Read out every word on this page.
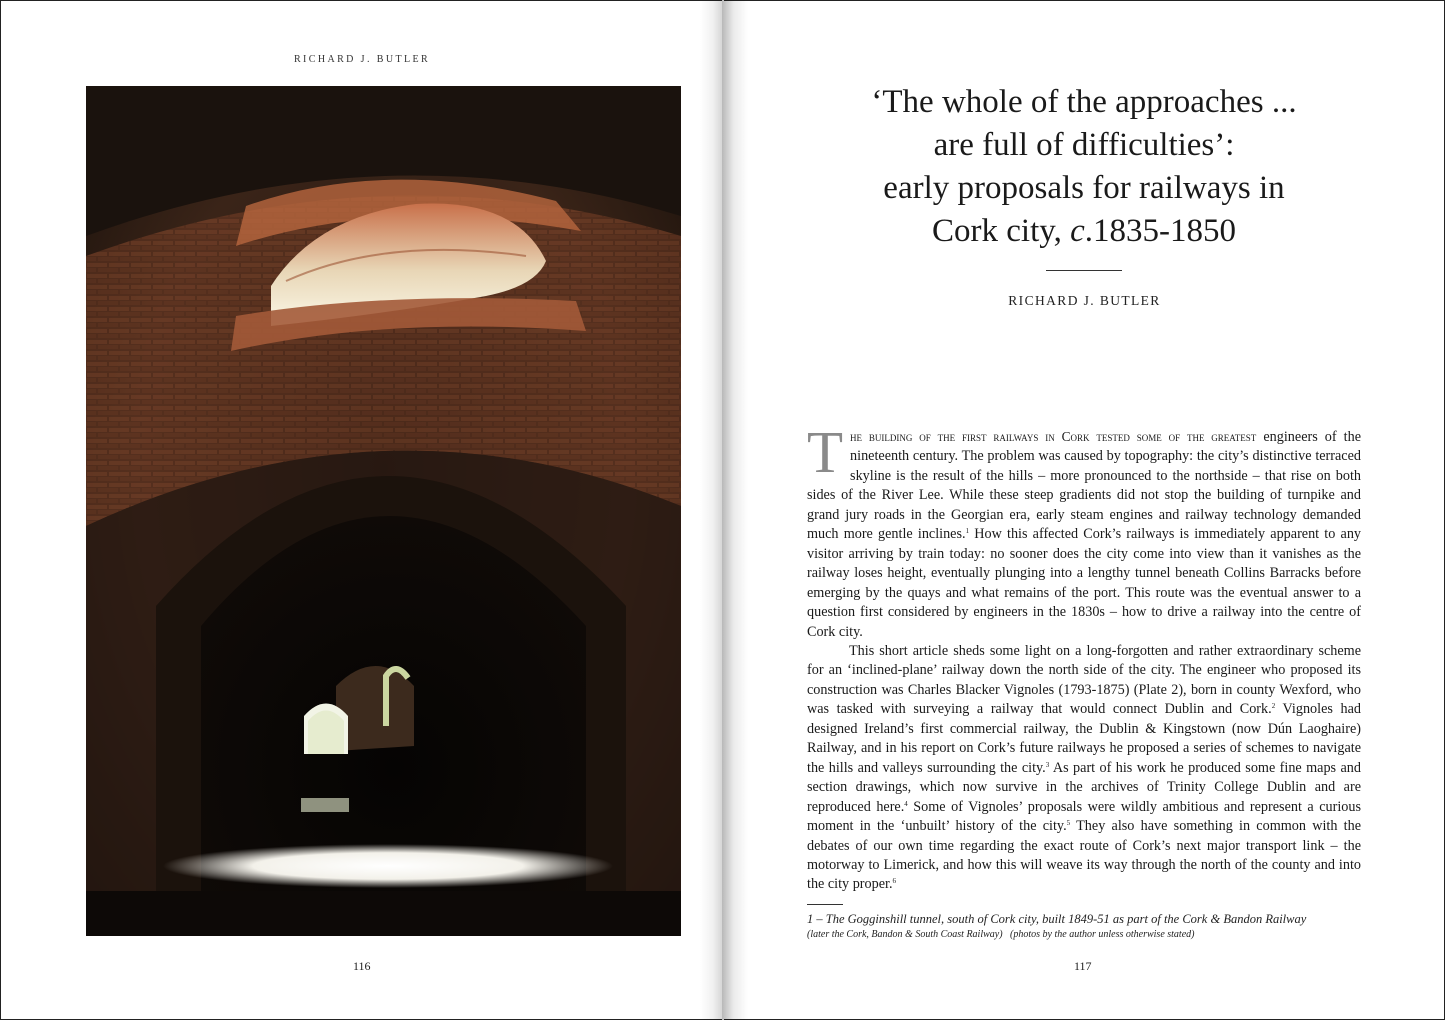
RICHARD J. BUTLER
116
‘The whole of the approaches ...
are full of difficulties’:
early proposals for railways in
Cork city, c.1835-1850
RICHARD J. BUTLER

The building of the first railways in Cork tested some of the greatest engineers of the nineteenth century. The problem was caused by topography: the city’s distinctive terraced skyline is the result of the hills – more pronounced to the northside – that rise on both sides of the River Lee. While these steep gradients did not stop the building of turnpike and grand jury roads in the Georgian era, early steam engines and railway technology demanded much more gentle inclines.$^1$ How this affected Cork’s railways is immediately apparent to any visitor arriving by train today: no sooner does the city come into view than it vanishes as the railway loses height, eventually plunging into a lengthy tunnel beneath Collins Barracks before emerging by the quays and what remains of the port. This route was the eventual answer to a question first considered by engineers in the 1830s – how to drive a railway into the centre of Cork city.

This short article sheds some light on a long-forgotten and rather extraordinary scheme for an ‘inclined-plane’ railway down the north side of the city. The engineer who proposed its construction was Charles Blacker Vignoles (1793-1875) (Plate 2), born in county Wexford, who was tasked with surveying a railway that would connect Dublin and Cork.$^2$ Vignoles had designed Ireland’s first commercial railway, the Dublin & Kingstown (now Dún Laoghaire) Railway, and in his report on Cork’s future railways he proposed a series of schemes to navigate the hills and valleys surrounding the city.$^3$ As part of his work he produced some fine maps and section drawings, which now survive in the archives of Trinity College Dublin and are reproduced here.$^4$ Some of Vignoles’ proposals were wildly ambitious and represent a curious moment in the ‘unbuilt’ history of the city.$^5$ They also have something in common with the debates of our own time regarding the exact route of Cork’s next major transport link – the motorway to Limerick, and how this will weave its way through the north of the county and into the city proper.$^6$

1 – The Gogginshill tunnel, south of Cork city, built 1849-51 as part of the Cork & Bandon Railway
(later the Cork, Bandon & South Coast Railway)   (photos by the author unless otherwise stated)
117
